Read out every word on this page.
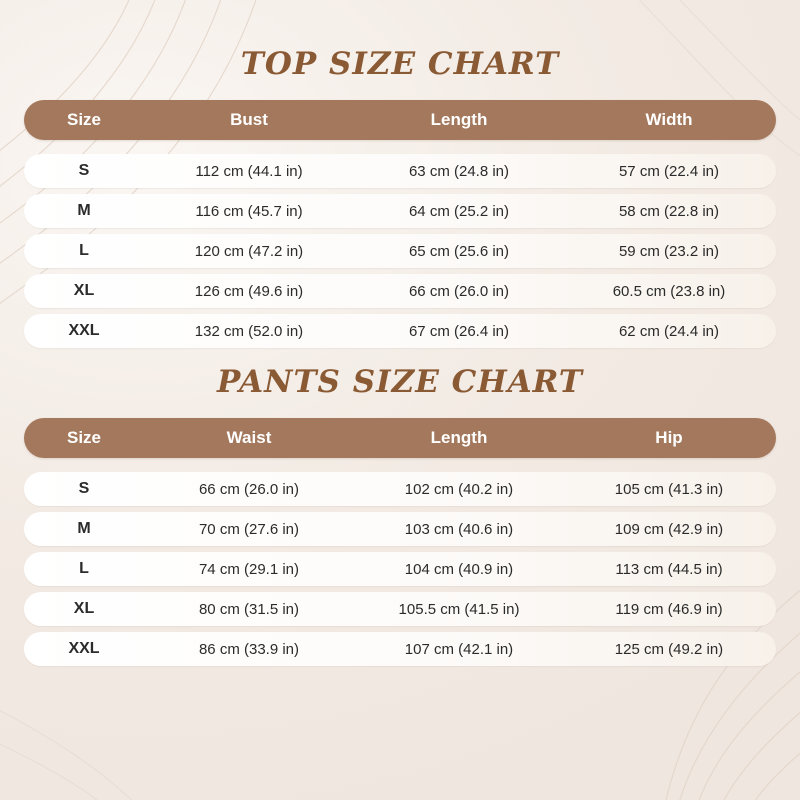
TOP SIZE CHART
Size	Bust	Length	Width
S	112 cm (44.1 in)	63 cm (24.8 in)	57 cm (22.4 in)
M	116 cm (45.7 in)	64 cm (25.2 in)	58 cm (22.8 in)
L	120 cm (47.2 in)	65 cm (25.6 in)	59 cm (23.2 in)
XL	126 cm (49.6 in)	66 cm (26.0 in)	60.5 cm (23.8 in)
XXL	132 cm (52.0 in)	67 cm (26.4 in)	62 cm (24.4 in)
PANTS SIZE CHART
Size	Waist	Length	Hip
S	66 cm (26.0 in)	102 cm (40.2 in)	105 cm (41.3 in)
M	70 cm (27.6 in)	103 cm (40.6 in)	109 cm (42.9 in)
L	74 cm (29.1 in)	104 cm (40.9 in)	113 cm (44.5 in)
XL	80 cm (31.5 in)	105.5 cm (41.5 in)	119 cm (46.9 in)
XXL	86 cm (33.9 in)	107 cm (42.1 in)	125 cm (49.2 in)
